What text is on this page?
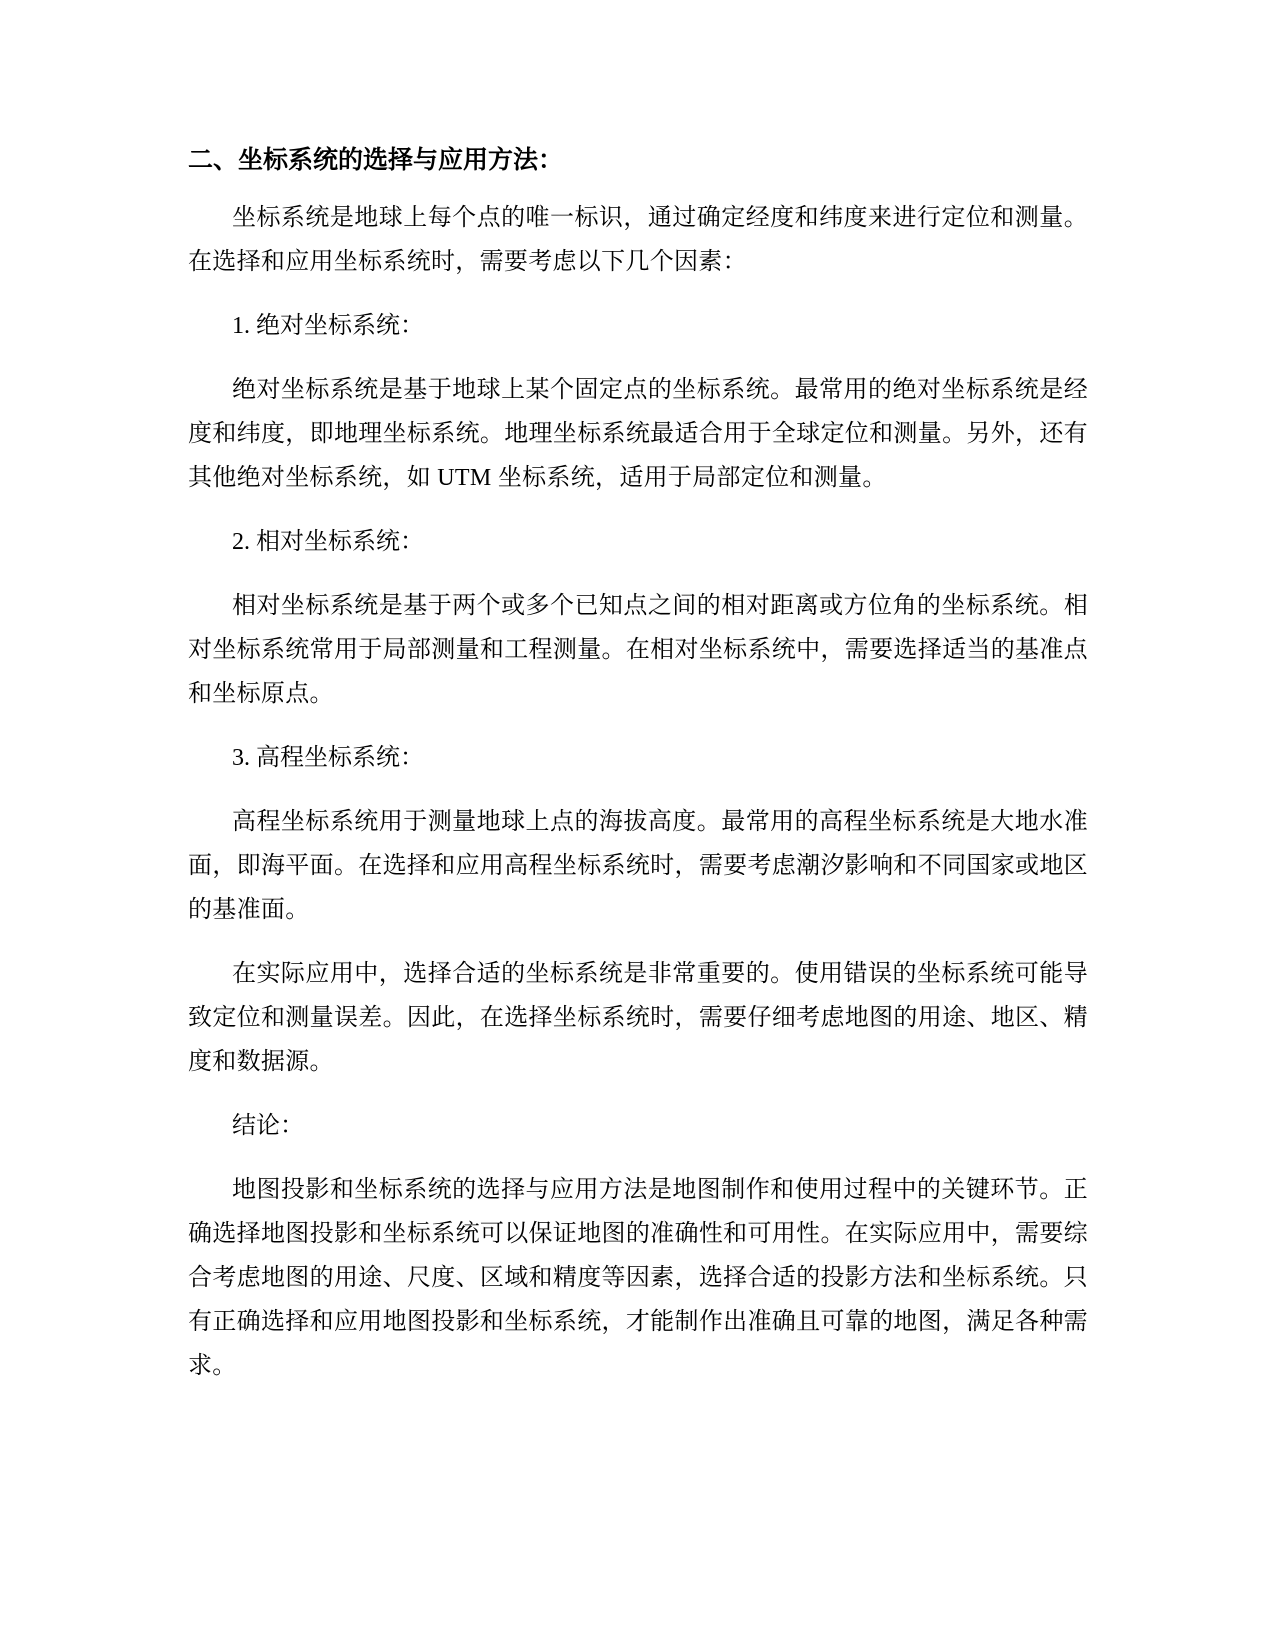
二、坐标系统的选择与应用方法：

坐标系统是地球上每个点的唯一标识，通过确定经度和纬度来进行定位和测量。在选择和应用坐标系统时，需要考虑以下几个因素：

1. 绝对坐标系统：

绝对坐标系统是基于地球上某个固定点的坐标系统。最常用的绝对坐标系统是经度和纬度，即地理坐标系统。地理坐标系统最适合用于全球定位和测量。另外，还有其他绝对坐标系统，如 UTM 坐标系统，适用于局部定位和测量。

2. 相对坐标系统：

相对坐标系统是基于两个或多个已知点之间的相对距离或方位角的坐标系统。相对坐标系统常用于局部测量和工程测量。在相对坐标系统中，需要选择适当的基准点和坐标原点。

3. 高程坐标系统：

高程坐标系统用于测量地球上点的海拔高度。最常用的高程坐标系统是大地水准面，即海平面。在选择和应用高程坐标系统时，需要考虑潮汐影响和不同国家或地区的基准面。

在实际应用中，选择合适的坐标系统是非常重要的。使用错误的坐标系统可能导致定位和测量误差。因此，在选择坐标系统时，需要仔细考虑地图的用途、地区、精度和数据源。

结论：

地图投影和坐标系统的选择与应用方法是地图制作和使用过程中的关键环节。正确选择地图投影和坐标系统可以保证地图的准确性和可用性。在实际应用中，需要综合考虑地图的用途、尺度、区域和精度等因素，选择合适的投影方法和坐标系统。只有正确选择和应用地图投影和坐标系统，才能制作出准确且可靠的地图，满足各种需求。
